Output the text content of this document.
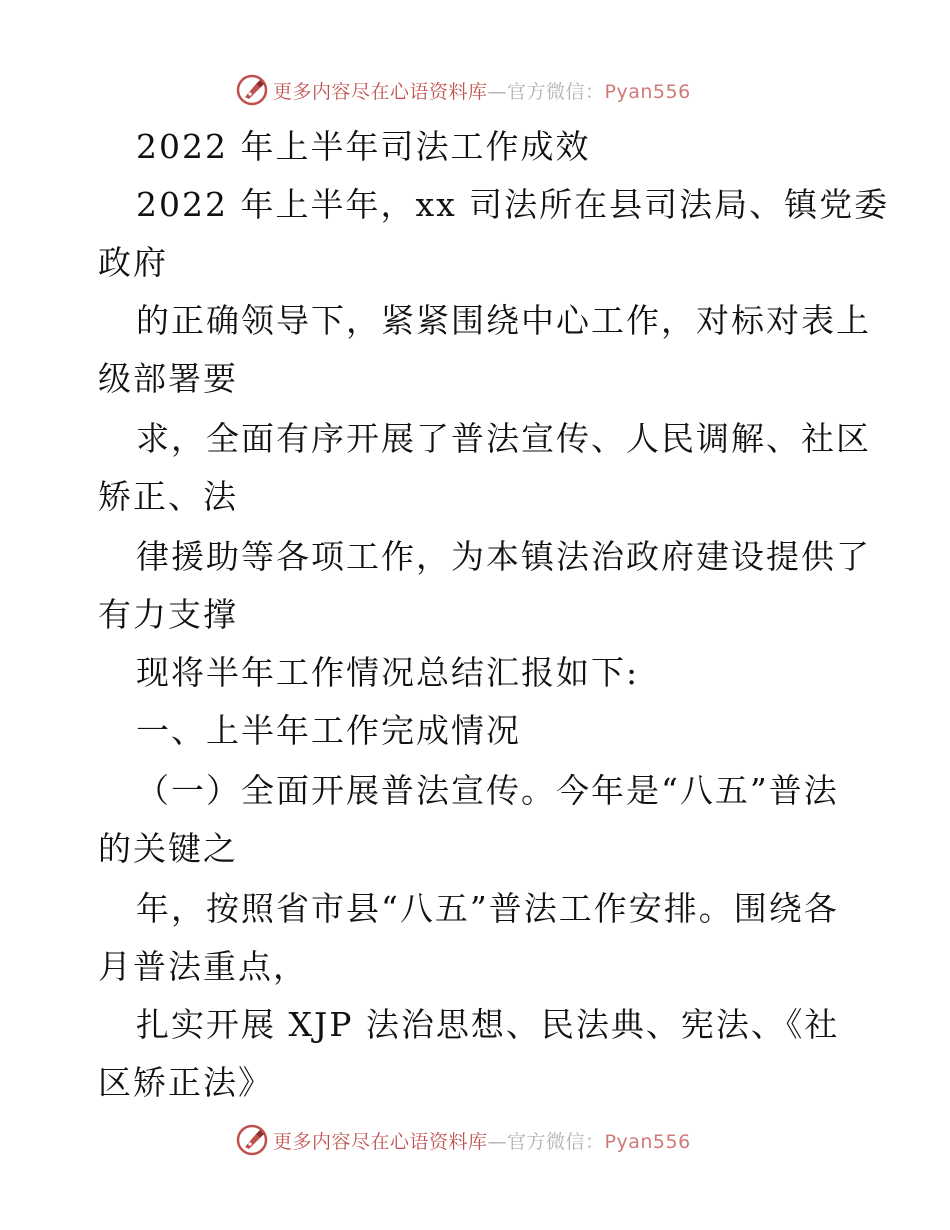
更多内容尽在心语资料库—官方微信：Pyan556
2022 年上半年司法工作成效
2022 年上半年，xx 司法所在县司法局、镇党委
政府
的正确领导下，紧紧围绕中心工作，对标对表上
级部署要
求，全面有序开展了普法宣传、人民调解、社区
矫正、法
律援助等各项工作，为本镇法治政府建设提供了
有力支撑
现将半年工作情况总结汇报如下:
一、上半年工作完成情况
（一）全面开展普法宣传。今年是“八五”普法
的关键之
年，按照省市县“八五”普法工作安排。围绕各
月普法重点，
扎实开展 XJP 法治思想、民法典、宪法、《社
区矫正法》
更多内容尽在心语资料库—官方微信：Pyan556
